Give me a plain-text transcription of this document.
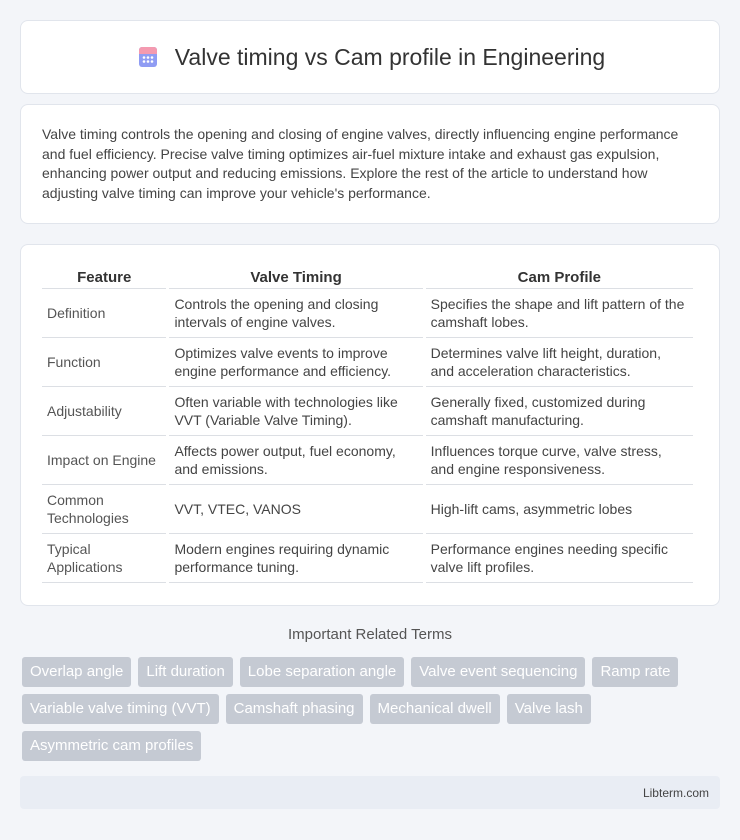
Valve timing vs Cam profile in Engineering

Valve timing controls the opening and closing of engine valves, directly influencing engine performance and fuel efficiency. Precise valve timing optimizes air-fuel mixture intake and exhaust gas expulsion, enhancing power output and reducing emissions. Explore the rest of the article to understand how adjusting valve timing can improve your vehicle's performance.

Feature	Valve Timing	Cam Profile
Definition	Controls the opening and closing intervals of engine valves.	Specifies the shape and lift pattern of the camshaft lobes.
Function	Optimizes valve events to improve engine performance and efficiency.	Determines valve lift height, duration, and acceleration characteristics.
Adjustability	Often variable with technologies like VVT (Variable Valve Timing).	Generally fixed, customized during camshaft manufacturing.
Impact on Engine	Affects power output, fuel economy, and emissions.	Influences torque curve, valve stress, and engine responsiveness.
Common Technologies	VVT, VTEC, VANOS	High-lift cams, asymmetric lobes
Typical Applications	Modern engines requiring dynamic performance tuning.	Performance engines needing specific valve lift profiles.
Important Related Terms
Overlap angle	Lift duration	Lobe separation angle	Valve event sequencing	Ramp rate
Variable valve timing (VVT)	Camshaft phasing	Mechanical dwell	Valve lash
Asymmetric cam profiles
Libterm.com
